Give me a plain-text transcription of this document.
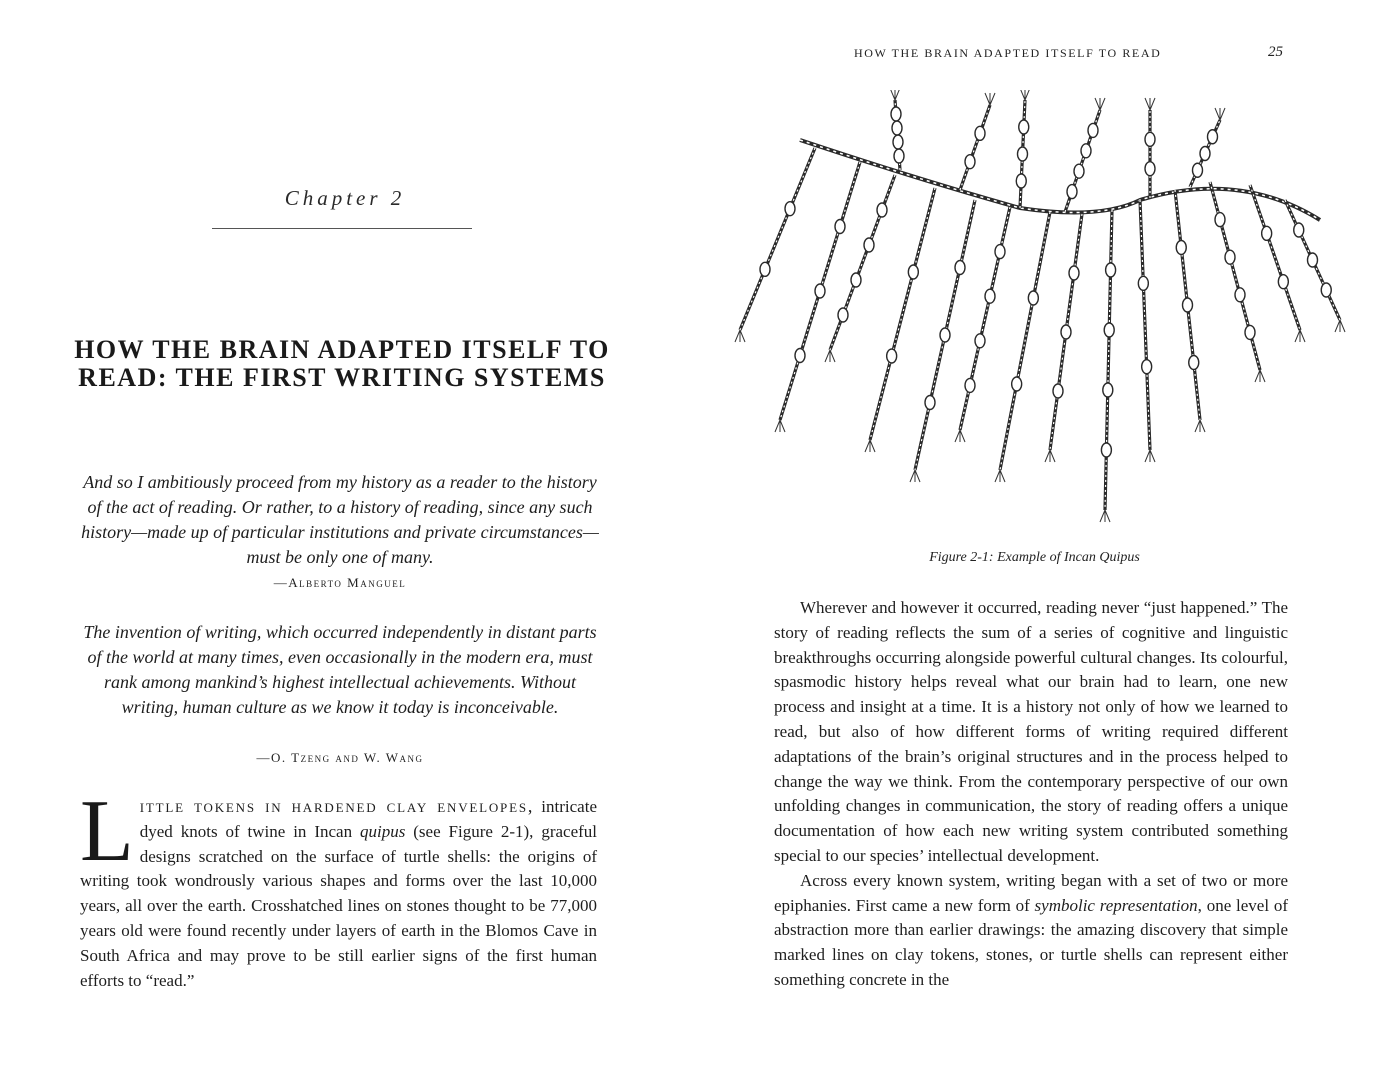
Chapter 2
HOW THE BRAIN ADAPTED ITSELF TO READ: THE FIRST WRITING SYSTEMS
And so I ambitiously proceed from my history as a reader to the history of the act of reading. Or rather, to a history of reading, since any such history—made up of particular institutions and private circumstances—must be only one of many.
—Alberto Manguel
The invention of writing, which occurred independently in distant parts of the world at many times, even occasionally in the modern era, must rank among mankind’s highest intellectual achievements. Without writing, human culture as we know it today is inconceivable.
—O. Tzeng and W. Wang
Little tokens in hardened clay envelopes, intricate dyed knots of twine in Incan quipus (see Figure 2-1), graceful designs scratched on the surface of turtle shells: the origins of writing took wondrously various shapes and forms over the last 10,000 years, all over the earth. Crosshatched lines on stones thought to be 77,000 years old were found recently under layers of earth in the Blomos Cave in South Africa and may prove to be still earlier signs of the first human efforts to “read.”
HOW THE BRAIN ADAPTED ITSELF TO READ	25
Figure 2-1: Example of Incan Quipus

Wherever and however it occurred, reading never “just happened.” The story of reading reflects the sum of a series of cognitive and linguistic breakthroughs occurring alongside powerful cultural changes. Its colourful, spasmodic history helps reveal what our brain had to learn, one new process and insight at a time. It is a history not only of how we learned to read, but also of how different forms of writing required different adaptations of the brain’s original structures and in the process helped to change the way we think. From the contemporary perspective of our own unfolding changes in communication, the story of reading offers a unique documentation of how each new writing system contributed something special to our species’ intellectual development.

Across every known system, writing began with a set of two or more epiphanies. First came a new form of symbolic representation, one level of abstraction more than earlier drawings: the amazing discovery that simple marked lines on clay tokens, stones, or turtle shells can represent either something concrete in the
